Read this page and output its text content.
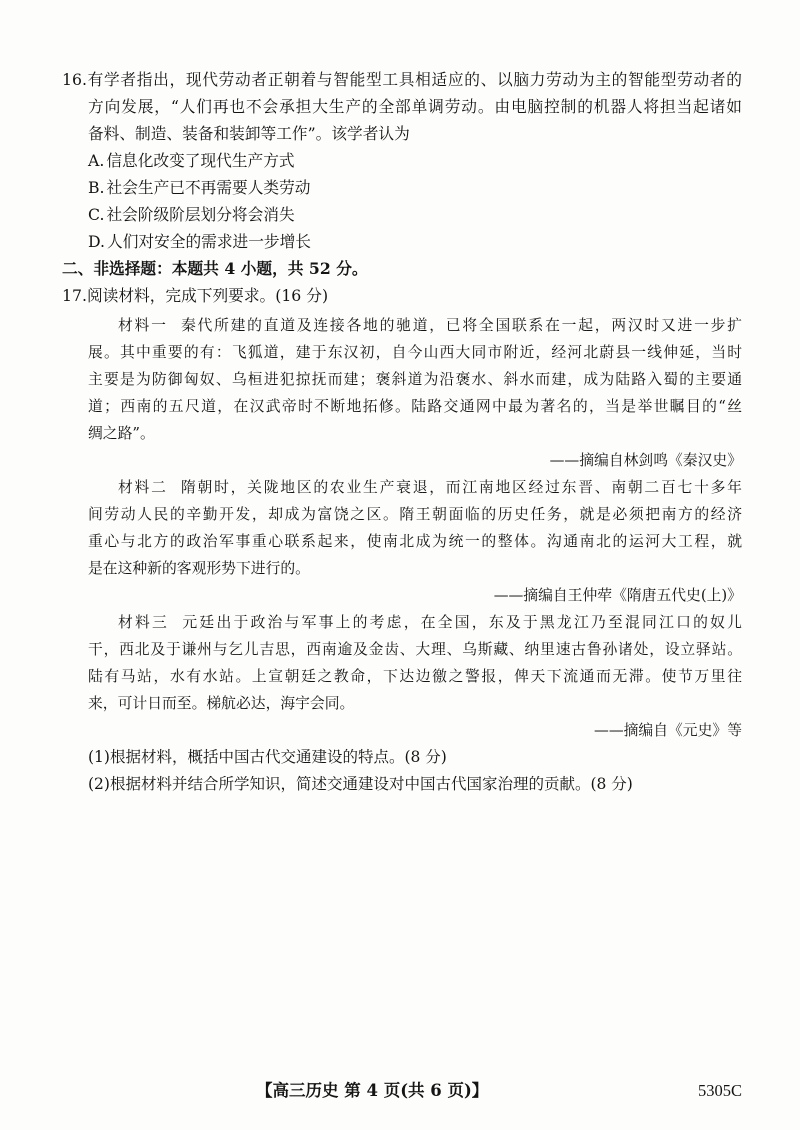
16.有学者指出，现代劳动者正朝着与智能型工具相适应的、以脑力劳动为主的智能型劳动者的
方向发展，“人们再也不会承担大生产的全部单调劳动。由电脑控制的机器人将担当起诸如
备料、制造、装备和装卸等工作”。该学者认为
A. 信息化改变了现代生产方式
B. 社会生产已不再需要人类劳动
C. 社会阶级阶层划分将会消失
D. 人们对安全的需求进一步增长
二、非选择题：本题共 4 小题，共 52 分。
17.阅读材料，完成下列要求。(16 分)
材料一 秦代所建的直道及连接各地的驰道，已将全国联系在一起，两汉时又进一步扩
展。其中重要的有：飞狐道，建于东汉初，自今山西大同市附近，经河北蔚县一线伸延，当时
主要是为防御匈奴、乌桓进犯掠抚而建；褒斜道为沿褒水、斜水而建，成为陆路入蜀的主要通
道；西南的五尺道，在汉武帝时不断地拓修。陆路交通网中最为著名的，当是举世瞩目的“丝
绸之路”。
——摘编自林剑鸣《秦汉史》
材料二 隋朝时，关陇地区的农业生产衰退，而江南地区经过东晋、南朝二百七十多年
间劳动人民的辛勤开发，却成为富饶之区。隋王朝面临的历史任务，就是必须把南方的经济
重心与北方的政治军事重心联系起来，使南北成为统一的整体。沟通南北的运河大工程，就
是在这种新的客观形势下进行的。
——摘编自王仲荦《隋唐五代史(上)》
材料三 元廷出于政治与军事上的考虑，在全国，东及于黑龙江乃至混同江口的奴儿
干，西北及于谦州与乞儿吉思，西南逾及金齿、大理、乌斯藏、纳里速古鲁孙诸处，设立驿站。
陆有马站，水有水站。上宣朝廷之教命，下达边徼之警报，俾天下流通而无滞。使节万里往
来，可计日而至。梯航必达，海宇会同。
——摘编自《元史》等
(1)根据材料，概括中国古代交通建设的特点。(8 分)
(2)根据材料并结合所学知识，简述交通建设对中国古代国家治理的贡献。(8 分)
【高三历史 第 4 页(共 6 页)】	5305C
